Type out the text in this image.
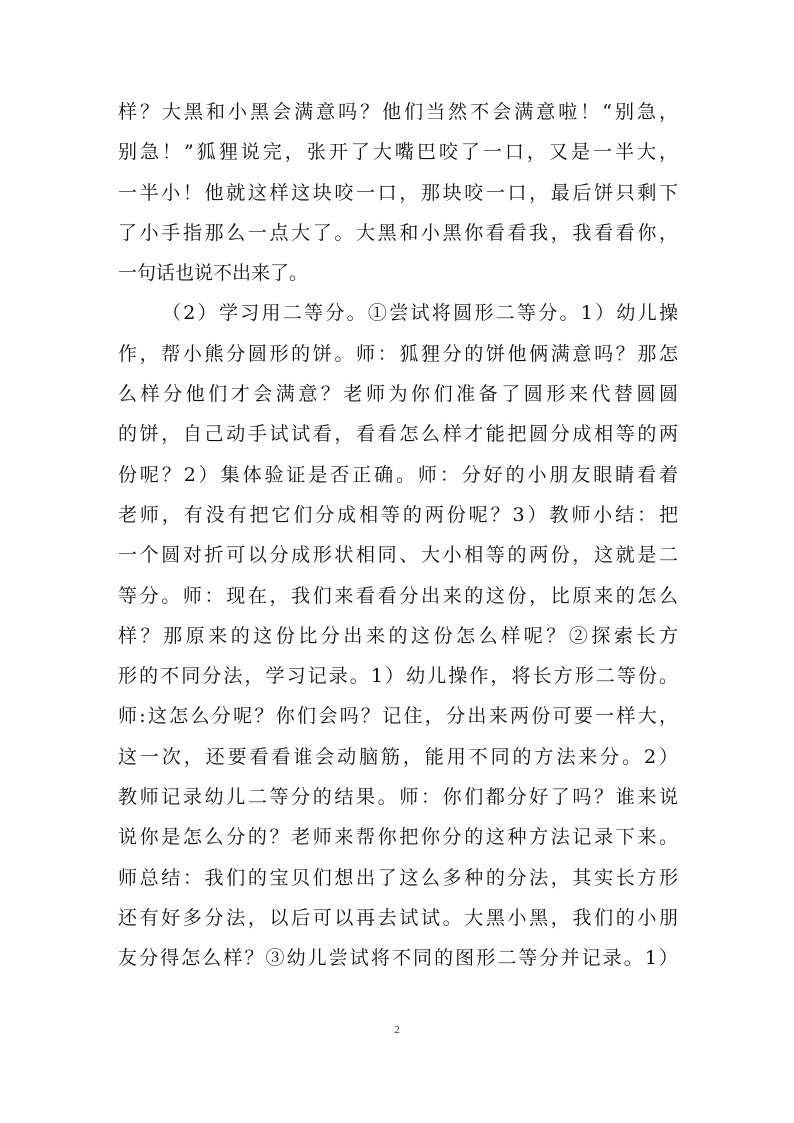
样？大黑和小黑会满意吗？他们当然不会满意啦！“别急，
别急！”狐狸说完，张开了大嘴巴咬了一口，又是一半大，
一半小！他就这样这块咬一口，那块咬一口，最后饼只剩下
了小手指那么一点大了。大黑和小黑你看看我，我看看你，
一句话也说不出来了。
（2）学习用二等分。①尝试将圆形二等分。1）幼儿操
作，帮小熊分圆形的饼。师：狐狸分的饼他俩满意吗？那怎
么样分他们才会满意？老师为你们准备了圆形来代替圆圆
的饼，自己动手试试看，看看怎么样才能把圆分成相等的两
份呢？2）集体验证是否正确。师：分好的小朋友眼睛看着
老师，有没有把它们分成相等的两份呢？3）教师小结：把
一个圆对折可以分成形状相同、大小相等的两份，这就是二
等分。师：现在，我们来看看分出来的这份，比原来的怎么
样？那原来的这份比分出来的这份怎么样呢？②探索长方
形的不同分法，学习记录。1）幼儿操作，将长方形二等份。
师:这怎么分呢？你们会吗？记住，分出来两份可要一样大，
这一次，还要看看谁会动脑筋，能用不同的方法来分。2）
教师记录幼儿二等分的结果。师：你们都分好了吗？谁来说
说你是怎么分的？老师来帮你把你分的这种方法记录下来。
师总结：我们的宝贝们想出了这么多种的分法，其实长方形
还有好多分法，以后可以再去试试。大黑小黑，我们的小朋
友分得怎么样？③幼儿尝试将不同的图形二等分并记录。1）
2
